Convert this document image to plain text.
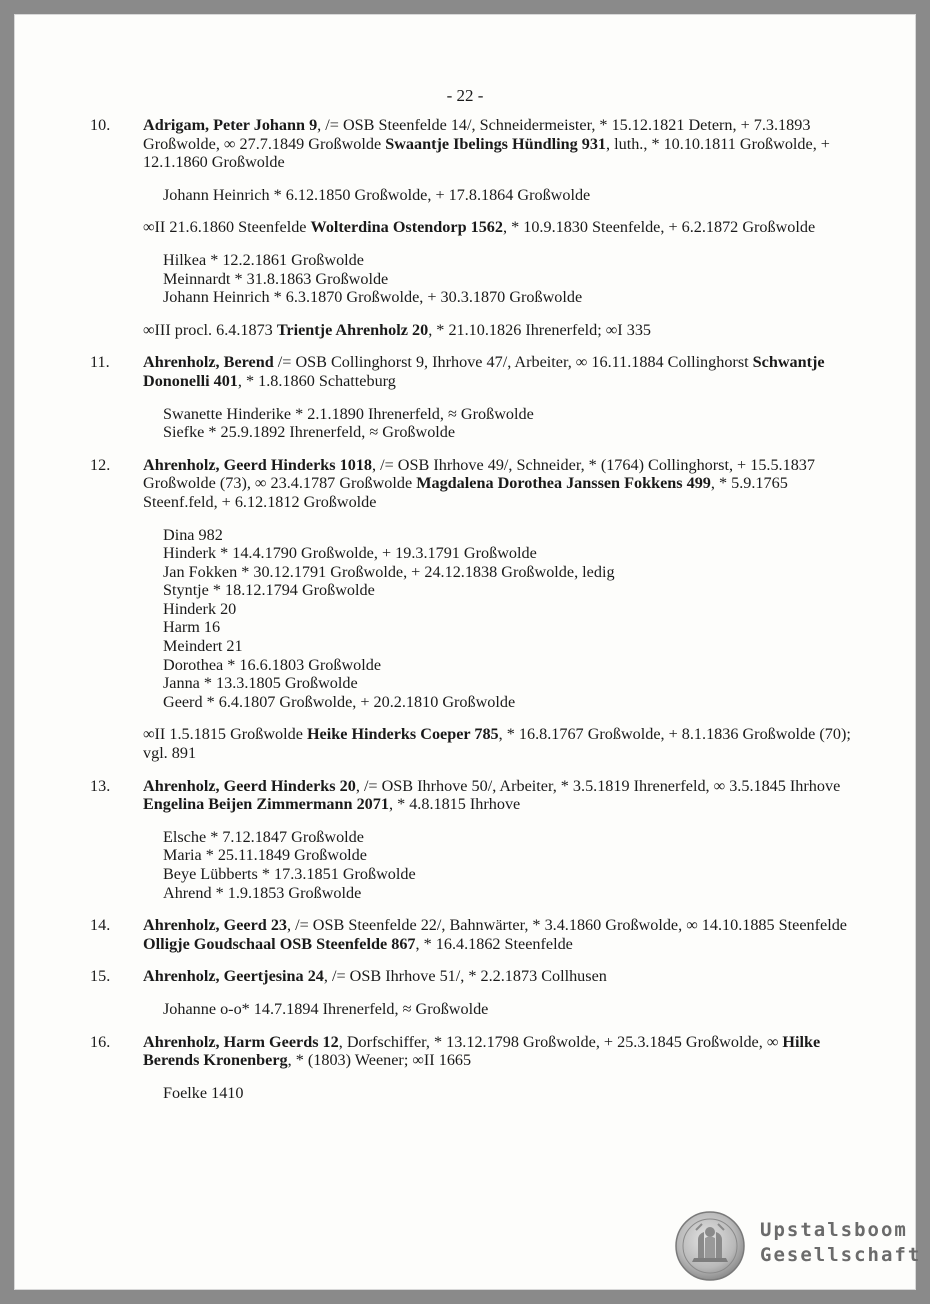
- 22 -
10. Adrigam, Peter Johann 9, /= OSB Steenfelde 14/, Schneidermeister, * 15.12.1821 Detern, + 7.3.1893 Großwolde, ∞ 27.7.1849 Großwolde Swaantje Ibelings Hündling 931, luth., * 10.10.1811 Großwolde, + 12.1.1860 Großwolde
Johann Heinrich * 6.12.1850 Großwolde, + 17.8.1864 Großwolde
∞II 21.6.1860 Steenfelde Wolterdina Ostendorp 1562, * 10.9.1830 Steenfelde, + 6.2.1872 Großwolde
Hilkea * 12.2.1861 Großwolde
Meinnardt * 31.8.1863 Großwolde
Johann Heinrich * 6.3.1870 Großwolde, + 30.3.1870 Großwolde
∞III procl. 6.4.1873 Trientje Ahrenholz 20, * 21.10.1826 Ihrenerfeld; ∞I 335
11. Ahrenholz, Berend /= OSB Collinghorst 9, Ihrhove 47/, Arbeiter, ∞ 16.11.1884 Collinghorst Schwantje Dononelli 401, * 1.8.1860 Schatteburg
Swanette Hinderike * 2.1.1890 Ihrenerfeld, ≈ Großwolde
Siefke * 25.9.1892 Ihrenerfeld, ≈ Großwolde
12. Ahrenholz, Geerd Hinderks 1018, /= OSB Ihrhove 49/, Schneider, * (1764) Collinghorst, + 15.5.1837 Großwolde (73), ∞ 23.4.1787 Großwolde Magdalena Dorothea Janssen Fokkens 499, * 5.9.1765 Steenf.feld, + 6.12.1812 Großwolde
Dina 982
Hinderk * 14.4.1790 Großwolde, + 19.3.1791 Großwolde
Jan Fokken * 30.12.1791 Großwolde, + 24.12.1838 Großwolde, ledig
Styntje * 18.12.1794 Großwolde
Hinderk 20
Harm 16
Meindert 21
Dorothea * 16.6.1803 Großwolde
Janna * 13.3.1805 Großwolde
Geerd * 6.4.1807 Großwolde, + 20.2.1810 Großwolde
∞II 1.5.1815 Großwolde Heike Hinderks Coeper 785, * 16.8.1767 Großwolde, + 8.1.1836 Großwolde (70); vgl. 891
13. Ahrenholz, Geerd Hinderks 20, /= OSB Ihrhove 50/, Arbeiter, * 3.5.1819 Ihrenerfeld, ∞ 3.5.1845 Ihrhove Engelina Beijen Zimmermann 2071, * 4.8.1815 Ihrhove
Elsche * 7.12.1847 Großwolde
Maria * 25.11.1849 Großwolde
Beye Lübberts * 17.3.1851 Großwolde
Ahrend * 1.9.1853 Großwolde
14. Ahrenholz, Geerd 23, /= OSB Steenfelde 22/, Bahnwärter, * 3.4.1860 Großwolde, ∞ 14.10.1885 Steenfelde Olligje Goudschaal OSB Steenfelde 867, * 16.4.1862 Steenfelde
15. Ahrenholz, Geertjesina 24, /= OSB Ihrhove 51/, * 2.2.1873 Collhusen
Johanne o-o* 14.7.1894 Ihrenerfeld, ≈ Großwolde
16. Ahrenholz, Harm Geerds 12, Dorfschiffer, * 13.12.1798 Großwolde, + 25.3.1845 Großwolde, ∞ Hilke Berends Kronenberg, * (1803) Weener; ∞II 1665
Foelke 1410
Upstalsboom
Gesellschaft
